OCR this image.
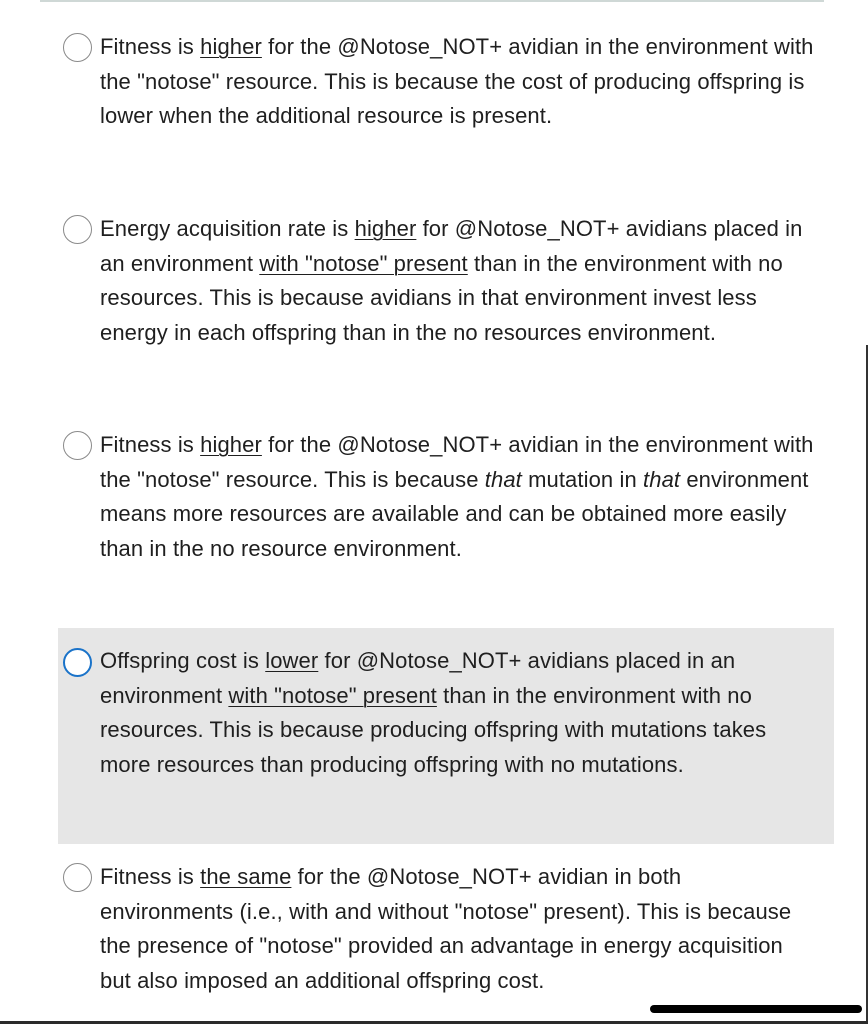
Fitness is higher for the @Notose_NOT+ avidian in the environment with the "notose" resource. This is because the cost of producing offspring is lower when the additional resource is present.
Energy acquisition rate is higher for @Notose_NOT+ avidians placed in an environment with "notose" present than in the environment with no resources. This is because avidians in that environment invest less energy in each offspring than in the no resources environment.
Fitness is higher for the @Notose_NOT+ avidian in the environment with the "notose" resource. This is because that mutation in that environment means more resources are available and can be obtained more easily than in the no resource environment.
Offspring cost is lower for @Notose_NOT+ avidians placed in an environment with "notose" present than in the environment with no resources. This is because producing offspring with mutations takes more resources than producing offspring with no mutations.
Fitness is the same for the @Notose_NOT+ avidian in both environments (i.e., with and without "notose" present). This is because the presence of "notose" provided an advantage in energy acquisition but also imposed an additional offspring cost.
